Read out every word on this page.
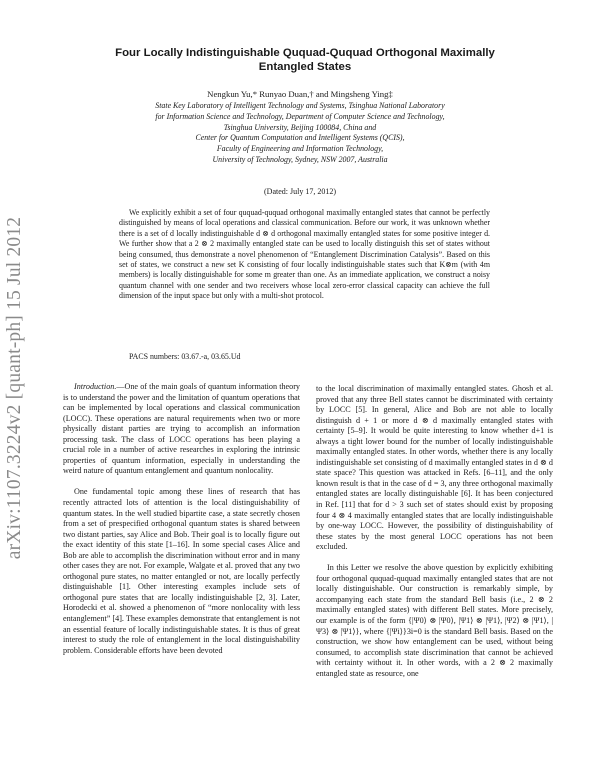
arXiv:1107.3224v2 [quant-ph] 15 Jul 2012
Four Locally Indistinguishable Ququad-Ququad Orthogonal Maximally Entangled States
Nengkun Yu,* Runyao Duan,† and Mingsheng Ying‡
State Key Laboratory of Intelligent Technology and Systems, Tsinghua National Laboratory
for Information Science and Technology, Department of Computer Science and Technology,
Tsinghua University, Beijing 100084, China and
Center for Quantum Computation and Intelligent Systems (QCIS),
Faculty of Engineering and Information Technology,
University of Technology, Sydney, NSW 2007, Australia
(Dated: July 17, 2012)

We explicitly exhibit a set of four ququad-ququad orthogonal maximally entangled states that cannot be perfectly distinguished by means of local operations and classical communication. Before our work, it was unknown whether there is a set of d locally indistinguishable d ⊗ d orthogonal maximally entangled states for some positive integer d. We further show that a 2 ⊗ 2 maximally entangled state can be used to locally distinguish this set of states without being consumed, thus demonstrate a novel phenomenon of “Entanglement Discrimination Catalysis”. Based on this set of states, we construct a new set K consisting of four locally indistinguishable states such that K⊗m (with 4m members) is locally distinguishable for some m greater than one. As an immediate application, we construct a noisy quantum channel with one sender and two receivers whose local zero-error classical capacity can achieve the full dimension of the input space but only with a multi-shot protocol.

PACS numbers: 03.67.-a, 03.65.Ud

Introduction.—One of the main goals of quantum information theory is to understand the power and the limitation of quantum operations that can be implemented by local operations and classical communication (LOCC). These operations are natural requirements when two or more physically distant parties are trying to accomplish an information processing task. The class of LOCC operations has been playing a crucial role in a number of active researches in exploring the intrinsic properties of quantum information, especially in understanding the weird nature of quantum entanglement and quantum nonlocality.

One fundamental topic among these lines of research that has recently attracted lots of attention is the local distinguishability of quantum states. In the well studied bipartite case, a state secretly chosen from a set of prespecified orthogonal quantum states is shared between two distant parties, say Alice and Bob. Their goal is to locally figure out the exact identity of this state [1–16]. In some special cases Alice and Bob are able to accomplish the discrimination without error and in many other cases they are not. For example, Walgate et al. proved that any two orthogonal pure states, no matter entangled or not, are locally perfectly distinguishable [1]. Other interesting examples include sets of orthogonal pure states that are locally indistinguishable [2, 3]. Later, Horodecki et al. showed a phenomenon of “more nonlocality with less entanglement” [4]. These examples demonstrate that entanglement is not an essential feature of locally indistinguishable states. It is thus of great interest to study the role of entanglement in the local distinguishability problem. Considerable efforts have been devoted

to the local discrimination of maximally entangled states. Ghosh et al. proved that any three Bell states cannot be discriminated with certainty by LOCC [5]. In general, Alice and Bob are not able to locally distinguish d + 1 or more d ⊗ d maximally entangled states with certainty [5–9]. It would be quite interesting to know whether d+1 is always a tight lower bound for the number of locally indistinguishable maximally entangled states. In other words, whether there is any locally indistinguishable set consisting of d maximally entangled states in d ⊗ d state space? This question was attacked in Refs. [6–11], and the only known result is that in the case of d = 3, any three orthogonal maximally entangled states are locally distinguishable [6]. It has been conjectured in Ref. [11] that for d > 3 such set of states should exist by proposing four 4 ⊗ 4 maximally entangled states that are locally indistinguishable by one-way LOCC. However, the possibility of distinguishability of these states by the most general LOCC operations has not been excluded.

In this Letter we resolve the above question by explicitly exhibiting four orthogonal ququad-ququad maximally entangled states that are not locally distinguishable. Our construction is remarkably simple, by accompanying each state from the standard Bell basis (i.e., 2 ⊗ 2 maximally entangled states) with different Bell states. More precisely, our example is of the form {|Ψ0⟩ ⊗ |Ψ0⟩, |Ψ1⟩ ⊗ |Ψ1⟩, |Ψ2⟩ ⊗ |Ψ1⟩, |Ψ3⟩ ⊗ |Ψ1⟩}, where {|Ψi⟩}3i=0 is the standard Bell basis. Based on the construction, we show how entanglement can be used, without being consumed, to accomplish state discrimination that cannot be achieved with certainty without it. In other words, with a 2 ⊗ 2 maximally entangled state as resource, one
